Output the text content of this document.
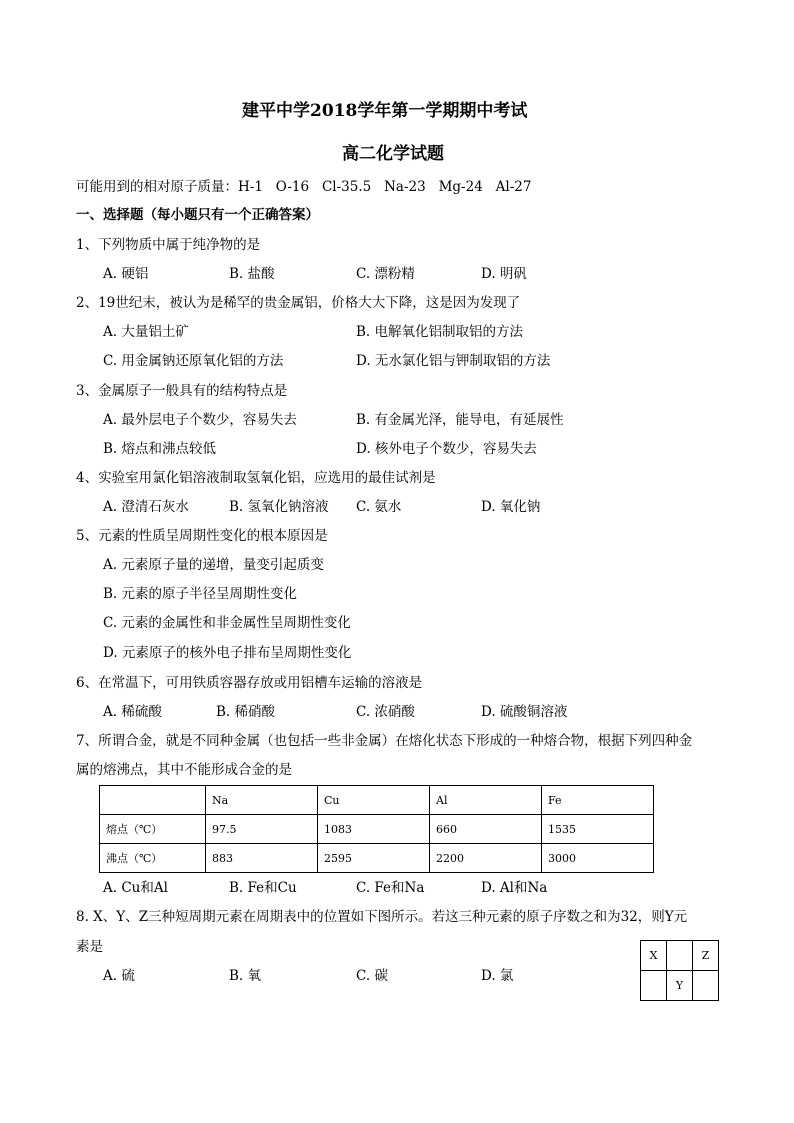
建平中学2018学年第一学期期中考试
高二化学试题
可能用到的相对原子质量：H-1   O-16   Cl-35.5   Na-23   Mg-24   Al-27
一、选择题（每小题只有一个正确答案）
1、下列物质中属于纯净物的是
A. 硬铝	B. 盐酸	C. 漂粉精	D. 明矾
2、19世纪末，被认为是稀罕的贵金属铝，价格大大下降，这是因为发现了
A. 大量铝土矿	B. 电解氧化铝制取铝的方法
C. 用金属钠还原氧化铝的方法	D. 无水氯化铝与钾制取铝的方法
3、金属原子一般具有的结构特点是
A. 最外层电子个数少，容易失去	B. 有金属光泽，能导电，有延展性
B. 熔点和沸点较低	D. 核外电子个数少，容易失去
4、实验室用氯化铝溶液制取氢氧化铝，应选用的最佳试剂是
A. 澄清石灰水	B. 氢氧化钠溶液 C. 氨水	D. 氧化钠
5、元素的性质呈周期性变化的根本原因是
A. 元素原子量的递增，量变引起质变
B. 元素的原子半径呈周期性变化
C. 元素的金属性和非金属性呈周期性变化
D. 元素原子的核外电子排布呈周期性变化
6、在常温下，可用铁质容器存放或用铝槽车运输的溶液是
A. 稀硫酸	B. 稀硝酸	C. 浓硝酸	D. 硫酸铜溶液
7、所谓合金，就是不同种金属（也包括一些非金属）在熔化状态下形成的一种熔合物，根据下列四种金
属的熔沸点，其中不能形成合金的是
	Na	Cu	Al	Fe
熔点（℃）	97.5	1083	660	1535
沸点（℃）	883	2595	2200	3000
A. Cu和Al	B. Fe和Cu	C. Fe和Na	D. Al和Na
8. X、Y、Z三种短周期元素在周期表中的位置如下图所示。若这三种元素的原子序数之和为32，则Y元
素是
A. 硫	B. 氧	C. 碳	D. 氯
X		Z
	Y	
